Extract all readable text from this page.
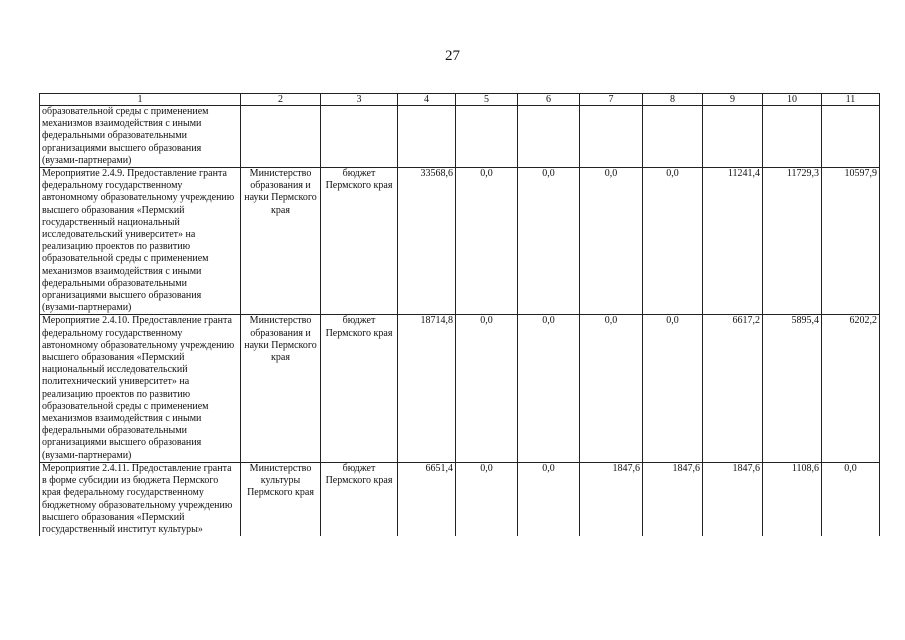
27
1	2	3	4	5	6	7	8	9	10	11
образовательной среды с применением механизмов взаимодействия с иными федеральными образовательными организациями высшего образования (вузами-партнерами)										
Мероприятие 2.4.9. Предоставление гранта федеральному государственному автономному образовательному учреждению высшего образования «Пермский государственный национальный исследовательский университет» на реализацию проектов по развитию образовательной среды с применением механизмов взаимодействия с иными федеральными образовательными организациями высшего образования (вузами-партнерами)	Министерство образования и науки Пермского края	бюджет Пермского края	33568,6	0,0	0,0	0,0	0,0	11241,4	11729,3	10597,9
Мероприятие 2.4.10. Предоставление гранта федеральному государственному автономному образовательному учреждению высшего образования «Пермский национальный исследовательский политехнический университет» на реализацию проектов по развитию образовательной среды с применением механизмов взаимодействия с иными федеральными образовательными организациями высшего образования (вузами-партнерами)	Министерство образования и науки Пермского края	бюджет Пермского края	18714,8	0,0	0,0	0,0	0,0	6617,2	5895,4	6202,2
Мероприятие 2.4.11. Предоставление гранта в форме субсидии из бюджета Пермского края федеральному государственному бюджетному образовательному учреждению высшего образования «Пермский государственный институт культуры»	Министерство культуры Пермского края	бюджет Пермского края	6651,4	0,0	0,0	1847,6	1847,6	1847,6	1108,6	0,0
